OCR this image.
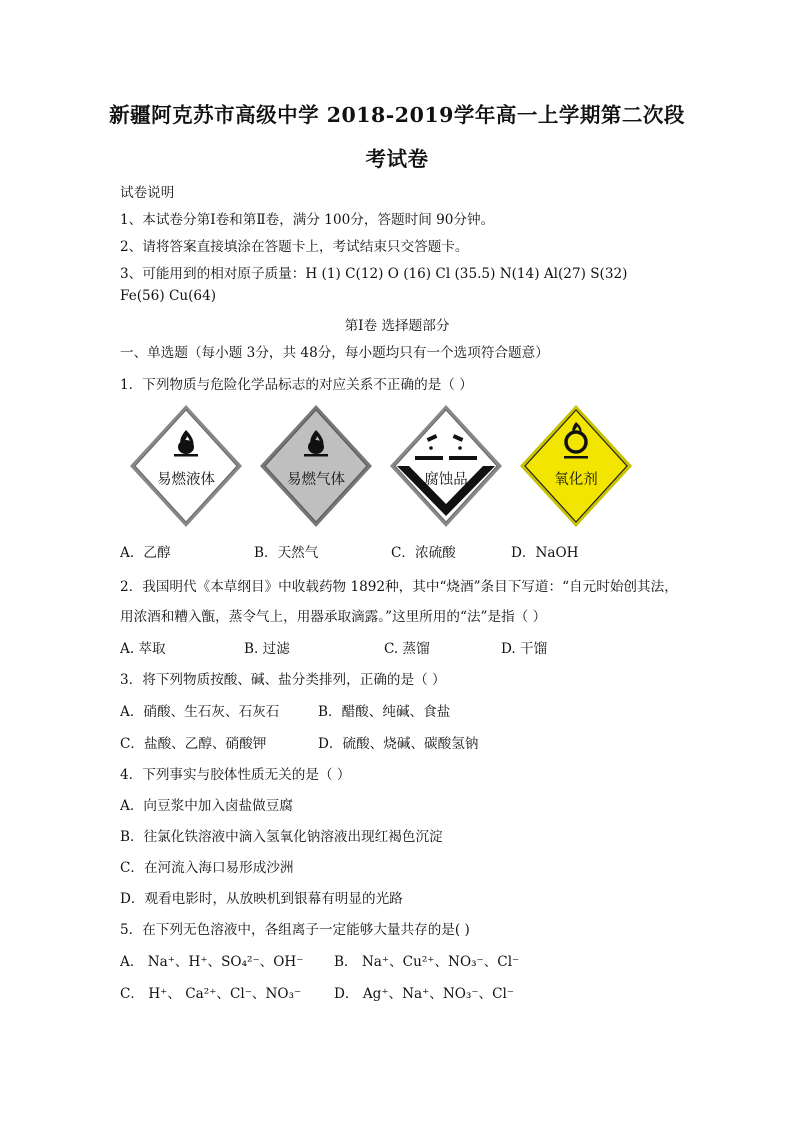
新疆阿克苏市高级中学 2018-2019学年高一上学期第二次段
考试卷
试卷说明
1、本试卷分第Ⅰ卷和第Ⅱ卷，满分 100分，答题时间 90分钟。
2、请将答案直接填涂在答题卡上，考试结束只交答题卡。
3、可能用到的相对原子质量：H (1) C(12) O (16) Cl (35.5) N(14) Al(27) S(32)
Fe(56) Cu(64)
第Ⅰ卷 选择题部分
一、单选题（每小题 3分，共 48分，每小题均只有一个选项符合题意）
1．下列物质与危险化学品标志的对应关系不正确的是（ ）
易燃液体	易燃气体	腐蚀品	氧化剂
A．乙醇	B．天然气	C．浓硫酸	D．NaOH
2．我国明代《本草纲目》中收载药物 1892种，其中“烧酒”条目下写道：“自元时始创其法，
用浓酒和糟入甑，蒸令气上，用器承取滴露。”这里所用的“法”是指（ ）
A. 萃取	B. 过滤	C. 蒸馏	D. 干馏
3．将下列物质按酸、碱、盐分类排列，正确的是（ ）
A．硝酸、生石灰、石灰石	B．醋酸、纯碱、食盐
C．盐酸、乙醇、硝酸钾	D．硫酸、烧碱、碳酸氢钠
4．下列事实与胶体性质无关的是（ ）
A．向豆浆中加入卤盐做豆腐
B．往氯化铁溶液中滴入氢氧化钠溶液出现红褐色沉淀
C．在河流入海口易形成沙洲
D．观看电影时，从放映机到银幕有明显的光路
5．在下列无色溶液中，各组离子一定能够大量共存的是( )
A． Na⁺、H⁺、SO₄²⁻、OH⁻ B． Na⁺、Cu²⁺、NO₃⁻、Cl⁻
C． H⁺、 Ca²⁺、Cl⁻、NO₃⁻ D． Ag⁺、Na⁺、NO₃⁻、Cl⁻
